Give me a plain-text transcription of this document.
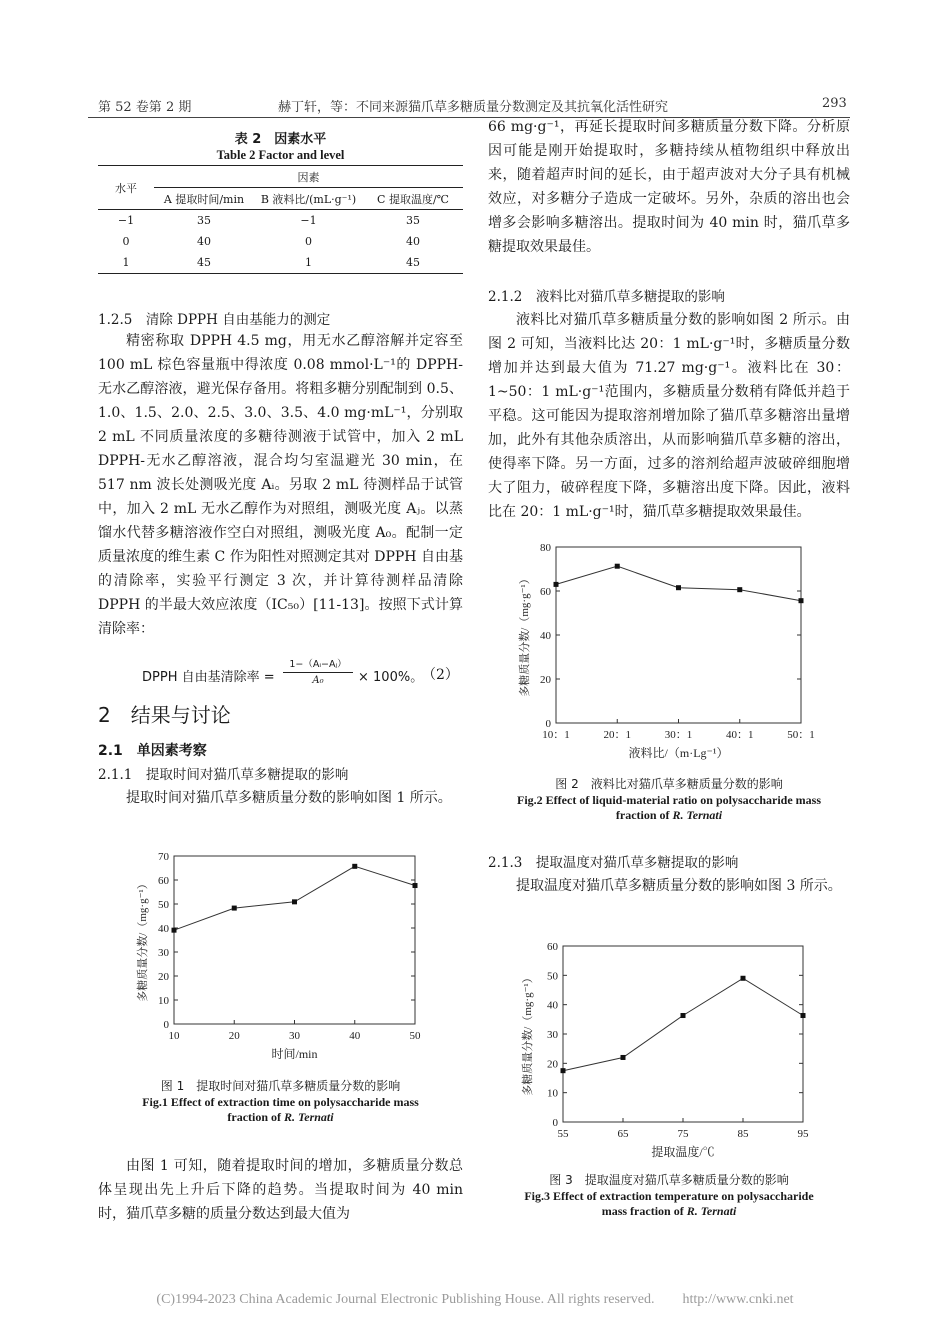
第 52 卷第 2 期	赫丁轩，等：不同来源猫爪草多糖质量分数测定及其抗氧化活性研究	293
表 2　因素水平
Table 2 Factor and level
水平	因素		
	A 提取时间/min	B 液料比/(mL·g⁻¹)	C 提取温度/℃
−1	35	−1	35
0	40	0	40
1	45	1	45
1.2.5　清除 DPPH 自由基能力的测定

精密称取 DPPH 4.5 mg，用无水乙醇溶解并定容至 100 mL 棕色容量瓶中得浓度 0.08 mmol·L⁻¹的 DPPH-无水乙醇溶液，避光保存备用。将粗多糖分别配制到 0.5、1.0、1.5、2.0、2.5、3.0、3.5、4.0 mg·mL⁻¹，分别取 2 mL 不同质量浓度的多糖待测液于试管中，加入 2 mL DPPH-无水乙醇溶液，混合均匀室温避光 30 min，在 517 nm 波长处测吸光度 Aᵢ。另取 2 mL 待测样品于试管中，加入 2 mL 无水乙醇作为对照组，测吸光度 Aⱼ。以蒸馏水代替多糖溶液作空白对照组，测吸光度 A₀。配制一定质量浓度的维生素 C 作为阳性对照测定其对 DPPH 自由基的清除率，实验平行测定 3 次，并计算待测样品清除 DPPH 的半最大效应浓度（IC₅₀）[11-13]。按照下式计算清除率：

DPPH 自由基清除率 =
1−（Aᵢ−Aⱼ）
A₀	× 100%。
（2）
2　结果与讨论
2.1　单因素考察
2.1.1　提取时间对猫爪草多糖提取的影响

提取时间对猫爪草多糖质量分数的影响如图 1 所示。

0
10
20
30
40
50
60
70
10	20	30	40	50
时间/min
多糖质量分数/（mg·g⁻¹）
图 1　提取时间对猫爪草多糖质量分数的影响
Fig.1 Effect of extraction time on polysaccharide mass
fraction of R. Ternati

由图 1 可知，随着提取时间的增加，多糖质量分数总体呈现出先上升后下降的趋势。当提取时间为 40 min 时，猫爪草多糖的质量分数达到最大值为

66 mg·g⁻¹，再延长提取时间多糖质量分数下降。分析原因可能是刚开始提取时，多糖持续从植物组织中释放出来，随着超声时间的延长，由于超声波对大分子具有机械效应，对多糖分子造成一定破坏。另外，杂质的溶出也会增多会影响多糖溶出。提取时间为 40 min 时，猫爪草多糖提取效果最佳。

2.1.2　液料比对猫爪草多糖提取的影响

液料比对猫爪草多糖质量分数的影响如图 2 所示。由图 2 可知，当液料比达 20：1 mL·g⁻¹时，多糖质量分数增加并达到最大值为 71.27 mg·g⁻¹。液料比在 30：1~50：1 mL·g⁻¹范围内，多糖质量分数稍有降低并趋于平稳。这可能因为提取溶剂增加除了猫爪草多糖溶出量增加，此外有其他杂质溶出，从而影响猫爪草多糖的溶出，使得率下降。另一方面，过多的溶剂给超声波破碎细胞增大了阻力，破碎程度下降，多糖溶出度下降。因此，液料比在 20：1 mL·g⁻¹时，猫爪草多糖提取效果最佳。

0
20
40
60
80
10：1	20：1	30：1	40：1	50：1
液料比/（m·Lg⁻¹）
多糖质量分数/（mg·g⁻¹）
图 2　液料比对猫爪草多糖质量分数的影响
Fig.2 Effect of liquid-material ratio on polysaccharide mass
fraction of R. Ternati
2.1.3　提取温度对猫爪草多糖提取的影响

提取温度对猫爪草多糖质量分数的影响如图 3 所示。

0
10
20
30
40
50
60
55	65	75	85	95
提取温度/℃
多糖质量分数/（mg·g⁻¹）
图 3　提取温度对猫爪草多糖质量分数的影响
Fig.3 Effect of extraction temperature on polysaccharide
mass fraction of R. Ternati
(C)1994-2023 China Academic Journal Electronic Publishing House. All rights reserved.　　http://www.cnki.net
